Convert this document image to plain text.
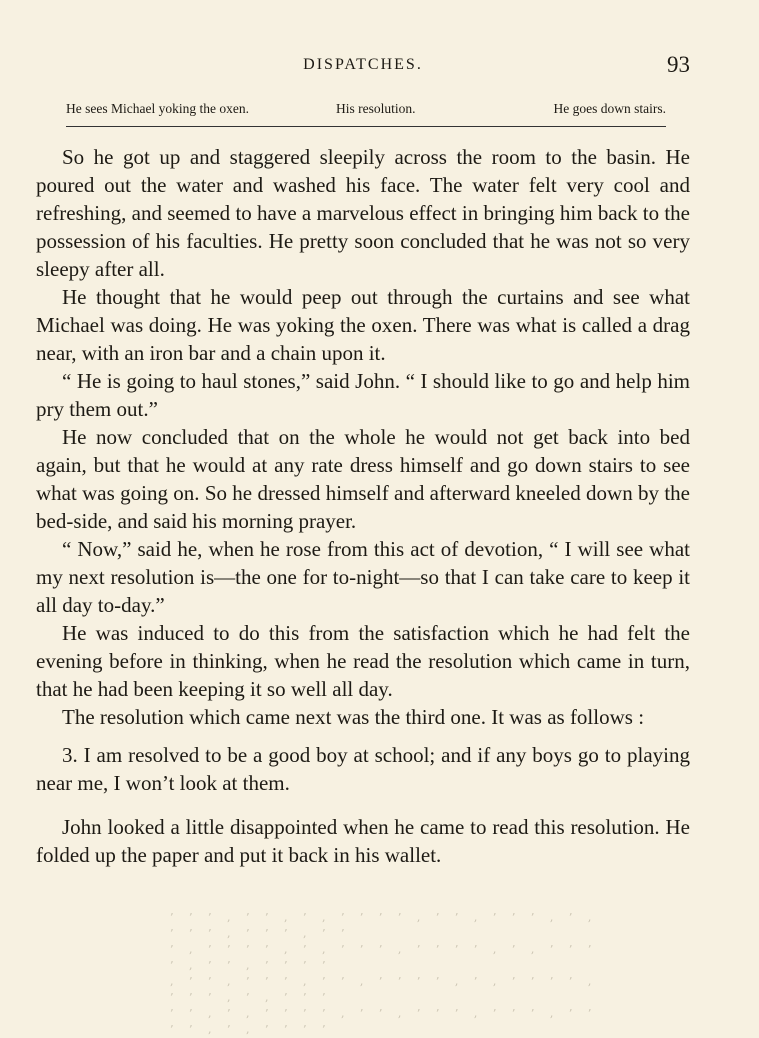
DISPATCHES.	93
He sees Michael yoking the oxen.	His resolution.	He goes down stairs.

So he got up and staggered sleepily across the room to the basin. He poured out the water and washed his face. The water felt very cool and refreshing, and seemed to have a marvelous effect in bringing him back to the possession of his faculties. He pretty soon concluded that he was not so very sleepy after all.

He thought that he would peep out through the curtains and see what Michael was doing. He was yoking the oxen. There was what is called a drag near, with an iron bar and a chain upon it.

“ He is going to haul stones,” said John. “ I should like to go and help him pry them out.”

He now concluded that on the whole he would not get back into bed again, but that he would at any rate dress himself and go down stairs to see what was going on. So he dressed himself and afterward kneeled down by the bed-side, and said his morning prayer.

“ Now,” said he, when he rose from this act of devotion, “ I will see what my next resolution is—the one for to-night—so that I can take care to keep it all day to-day.”

He was induced to do this from the satisfaction which he had felt the evening before in thinking, when he read the resolution which came in turn, that he had been keeping it so well all day.

The resolution which came next was the third one. It was as follows :

3. I am resolved to be a good boy at school; and if any boys go to playing near me, I won’t look at them.

John looked a little disappointed when he came to read this resolution. He folded up the paper and put it back in his wallet.

’ ’ ’ , ’ ’ , ’ , ’ ’ ’ ’ , ’ ’ , ’ ’ ’ , ’ , ’ ’ ’ , ’ ’ ’ , ’ ’
’ , ’ ’ ’ ’ , ’ , ’ ’ ’ , ’ ’ ’ ’ , ’ , ’ ’ ’ ’ , ’ ’ , ’ ’ ’ ’
, ’ ’ , ’ ’ ’ , ’ ’ , ’ ’ ’ ’ , ’ , ’ ’ ’ ’ , ’ ’ ’ , ’ , ’ ’ ’
’ ’ , ’ , ’ ’ ’ ’ , ’ ’ , ’ ’ ’ , ’ ’ ’ , ’ ’ ’ ’ , ’ , ’ ’ ’ ’
